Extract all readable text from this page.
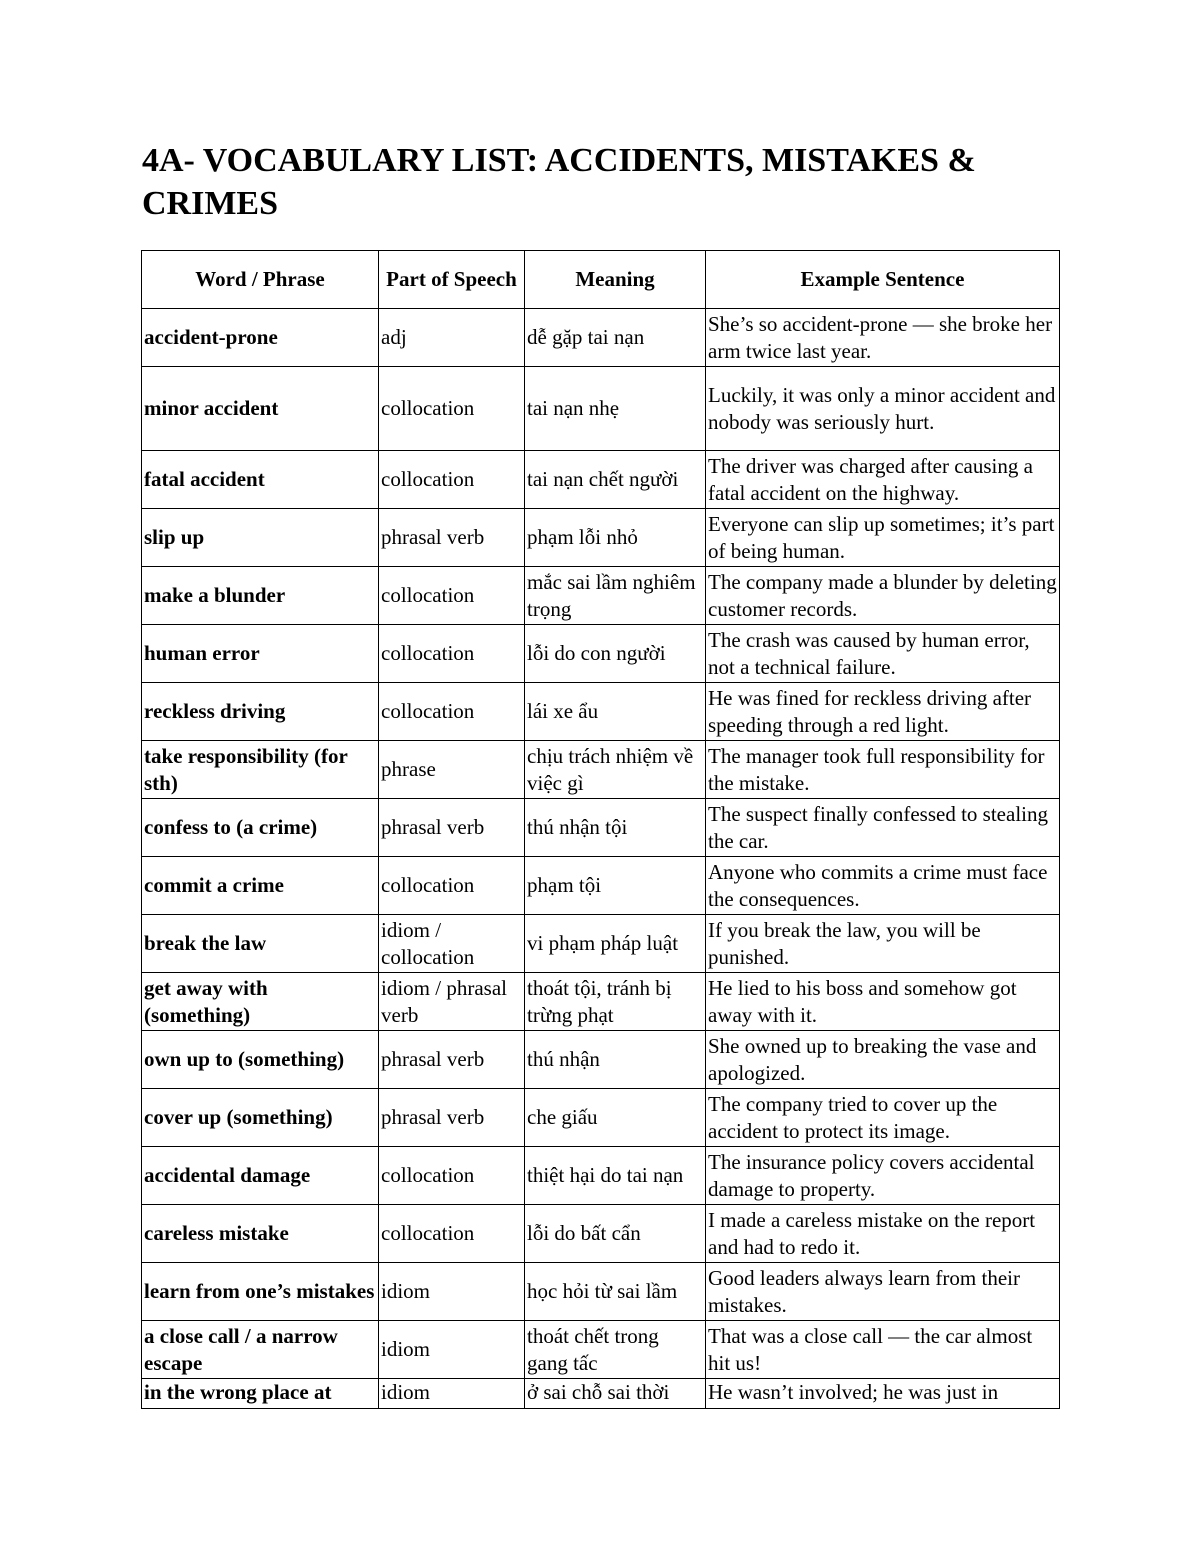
4A- VOCABULARY LIST: ACCIDENTS, MISTAKES & CRIMES
Word / Phrase	Part of Speech	Meaning	Example Sentence
accident-prone	adj	dễ gặp tai nạn	She’s so accident-prone — she broke her arm twice last year.
minor accident	collocation	tai nạn nhẹ	Luckily, it was only a minor accident and nobody was seriously hurt.
fatal accident	collocation	tai nạn chết người	The driver was charged after causing a fatal accident on the highway.
slip up	phrasal verb	phạm lỗi nhỏ	Everyone can slip up sometimes; it’s part of being human.
make a blunder	collocation	mắc sai lầm nghiêm trọng	The company made a blunder by deleting customer records.
human error	collocation	lỗi do con người	The crash was caused by human error, not a technical failure.
reckless driving	collocation	lái xe ẩu	He was fined for reckless driving after speeding through a red light.
take responsibility (for sth)	phrase	chịu trách nhiệm về việc gì	The manager took full responsibility for the mistake.
confess to (a crime)	phrasal verb	thú nhận tội	The suspect finally confessed to stealing the car.
commit a crime	collocation	phạm tội	Anyone who commits a crime must face the consequences.
break the law	idiom / collocation	vi phạm pháp luật	If you break the law, you will be punished.
get away with (something)	idiom / phrasal verb	thoát tội, tránh bị trừng phạt	He lied to his boss and somehow got away with it.
own up to (something)	phrasal verb	thú nhận	She owned up to breaking the vase and apologized.
cover up (something)	phrasal verb	che giấu	The company tried to cover up the accident to protect its image.
accidental damage	collocation	thiệt hại do tai nạn	The insurance policy covers accidental damage to property.
careless mistake	collocation	lỗi do bất cẩn	I made a careless mistake on the report and had to redo it.
learn from one’s mistakes	idiom	học hỏi từ sai lầm	Good leaders always learn from their mistakes.
a close call / a narrow escape	idiom	thoát chết trong gang tấc	That was a close call — the car almost hit us!
in the wrong place at	idiom	ở sai chỗ sai thời	He wasn’t involved; he was just in
